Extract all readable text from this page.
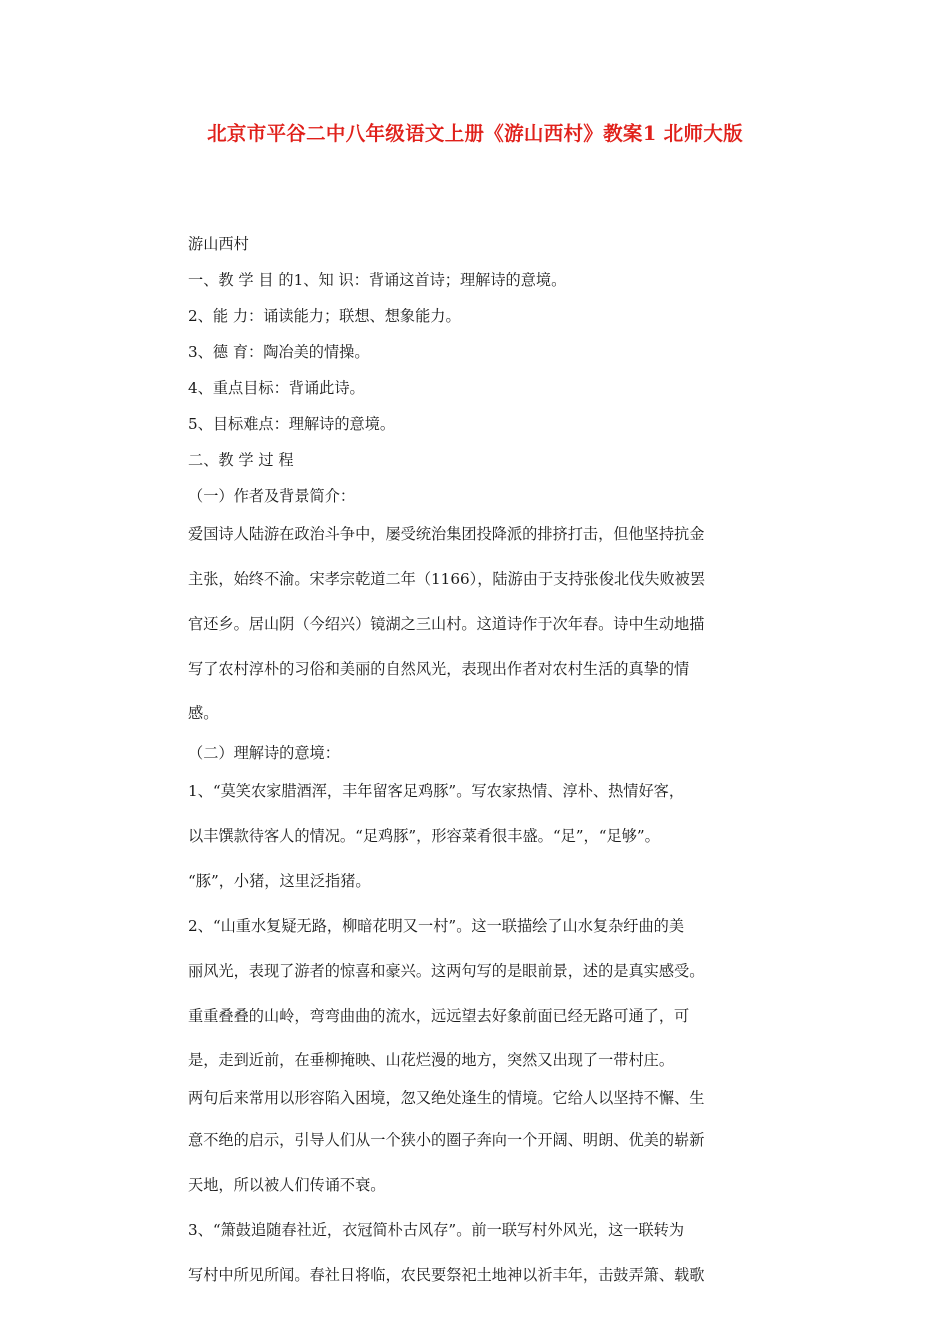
北京市平谷二中八年级语文上册《游山西村》教案1 北师大版
游山西村
一、教 学 目 的1、知 识：背诵这首诗；理解诗的意境。
2、能 力：诵读能力；联想、想象能力。
3、德 育：陶冶美的情操。
4、重点目标：背诵此诗。
5、目标难点：理解诗的意境。
二、教 学 过 程
（一）作者及背景简介：
爱国诗人陆游在政治斗争中，屡受统治集团投降派的排挤打击，但他坚持抗金
主张，始终不渝。宋孝宗乾道二年（1166），陆游由于支持张俊北伐失败被罢
官还乡。居山阴（今绍兴）镜湖之三山村。这道诗作于次年春。诗中生动地描
写了农村淳朴的习俗和美丽的自然风光，表现出作者对农村生活的真挚的情
感。
（二）理解诗的意境：
1、“莫笑农家腊酒浑，丰年留客足鸡豚”。写农家热情、淳朴、热情好客，
以丰馔款待客人的情况。“足鸡豚”，形容菜肴很丰盛。“足”，“足够”。
“豚”，小猪，这里泛指猪。
2、“山重水复疑无路，柳暗花明又一村”。这一联描绘了山水复杂纡曲的美
丽风光，表现了游者的惊喜和豪兴。这两句写的是眼前景，述的是真实感受。
重重叠叠的山岭，弯弯曲曲的流水，远远望去好象前面已经无路可通了，可
是，走到近前，在垂柳掩映、山花烂漫的地方，突然又出现了一带村庄。
两句后来常用以形容陷入困境，忽又绝处逢生的情境。它给人以坚持不懈、生
意不绝的启示，引导人们从一个狭小的圈子奔向一个开阔、明朗、优美的崭新
天地，所以被人们传诵不衰。
3、“箫鼓追随春社近，衣冠简朴古风存”。前一联写村外风光，这一联转为
写村中所见所闻。春社日将临，农民要祭祀土地神以祈丰年，击鼓弄箫、载歌
